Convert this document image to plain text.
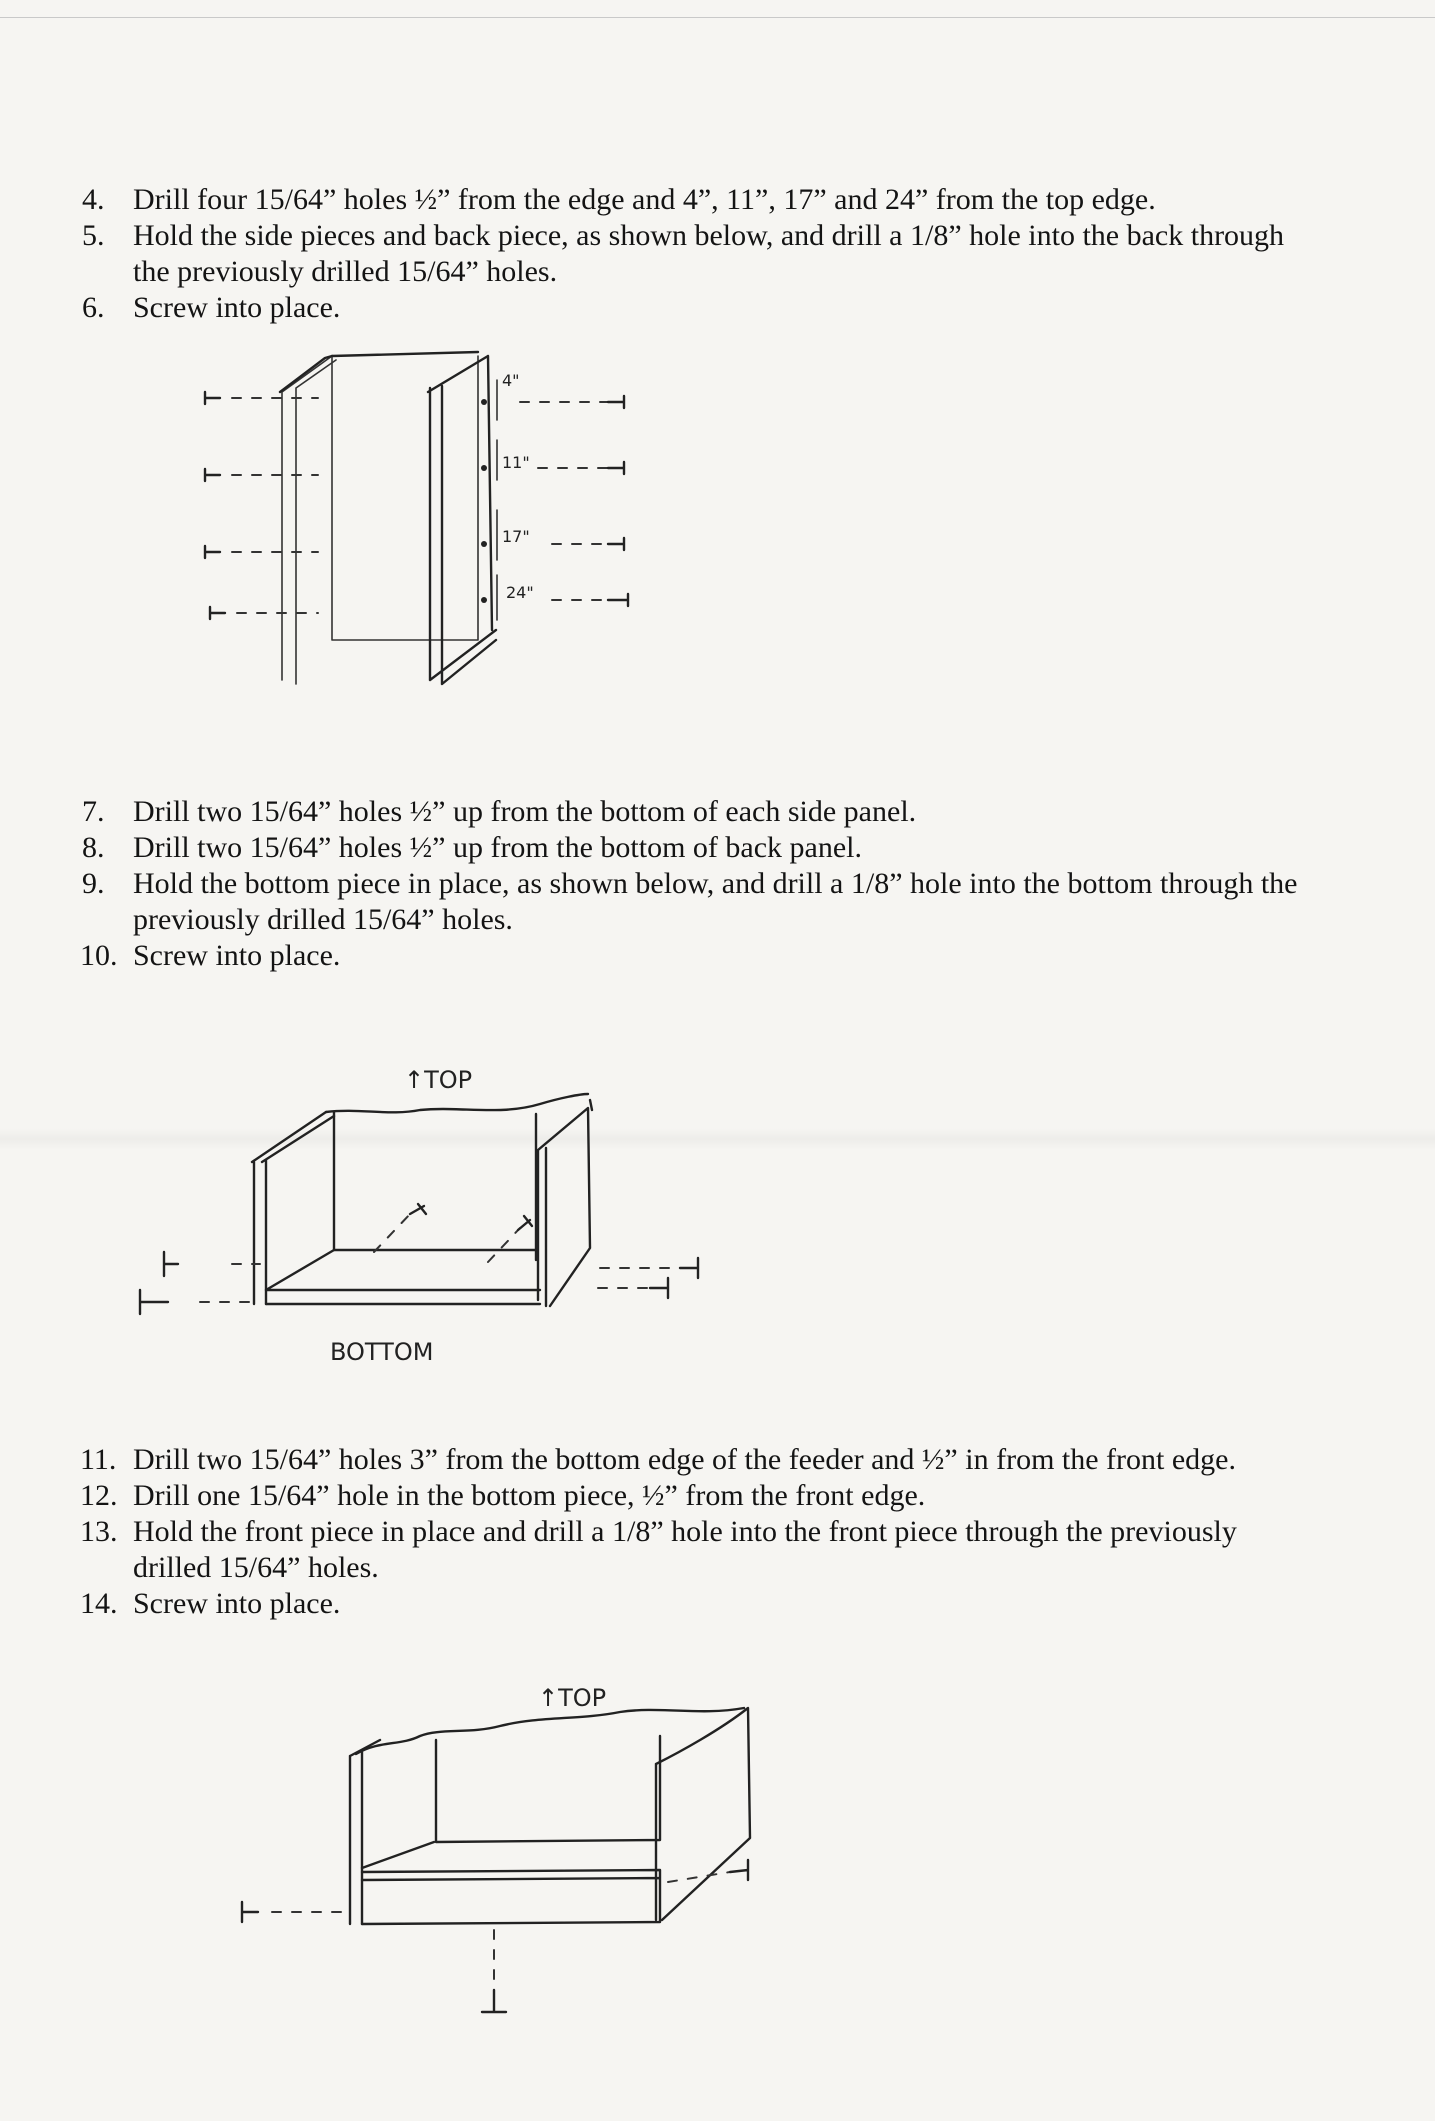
4. Drill four 15/64” holes ½” from the edge and 4”, 11”, 17” and 24” from the top edge.
5. Hold the side pieces and back piece, as shown below, and drill a 1/8” hole into the back through the previously drilled 15/64” holes.
6. Screw into place.
7. Drill two 15/64” holes ½” up from the bottom of each side panel.
8. Drill two 15/64” holes ½” up from the bottom of back panel.
9. Hold the bottom piece in place, as shown below, and drill a 1/8” hole into the bottom through the previously drilled 15/64” holes.
10. Screw into place.
11. Drill two 15/64” holes 3” from the bottom edge of the feeder and ½” in from the front edge.
12. Drill one 15/64” hole in the bottom piece, ½” from the front edge.
13. Hold the front piece in place and drill a 1/8” hole into the front piece through the previously drilled 15/64” holes.
14. Screw into place.
4"
11"
17"
24"
↑TOP
BOTTOM
↑TOP
